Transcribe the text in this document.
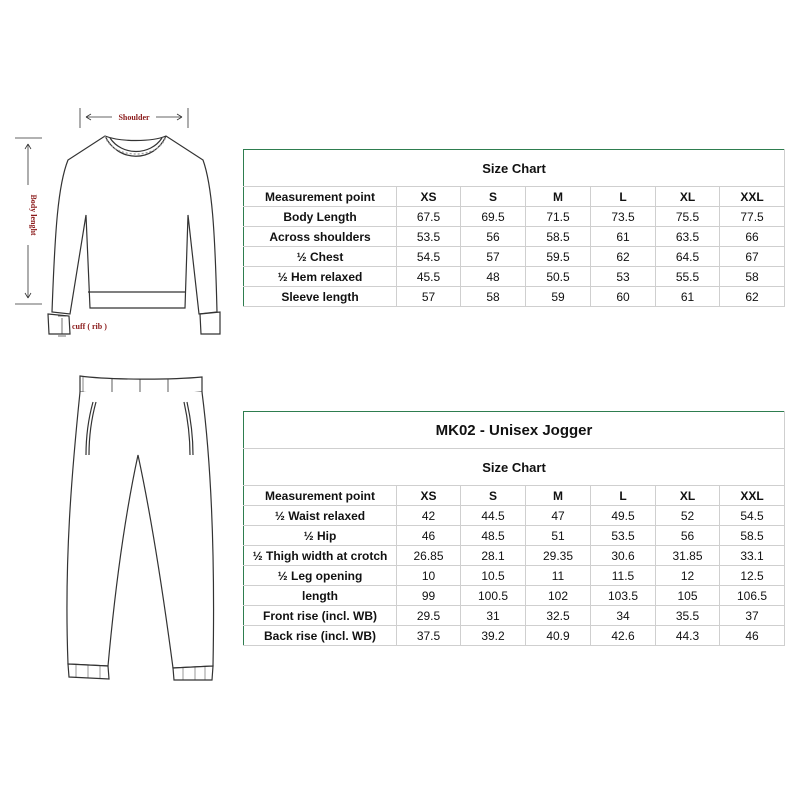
Shoulder
Body lenght
cuff ( rib )
Size Chart						
Measurement point	XS	S	M	L	XL	XXL
Body Length	67.5	69.5	71.5	73.5	75.5	77.5
Across shoulders	53.5	56	58.5	61	63.5	66
½ Chest	54.5	57	59.5	62	64.5	67
½ Hem relaxed	45.5	48	50.5	53	55.5	58
Sleeve length	57	58	59	60	61	62
MK02 - Unisex Jogger						
Size Chart						
Measurement point	XS	S	M	L	XL	XXL
½ Waist relaxed	42	44.5	47	49.5	52	54.5
½ Hip	46	48.5	51	53.5	56	58.5
½ Thigh width at crotch	26.85	28.1	29.35	30.6	31.85	33.1
½ Leg opening	10	10.5	11	11.5	12	12.5
length	99	100.5	102	103.5	105	106.5
Front rise (incl. WB)	29.5	31	32.5	34	35.5	37
Back rise (incl. WB)	37.5	39.2	40.9	42.6	44.3	46
